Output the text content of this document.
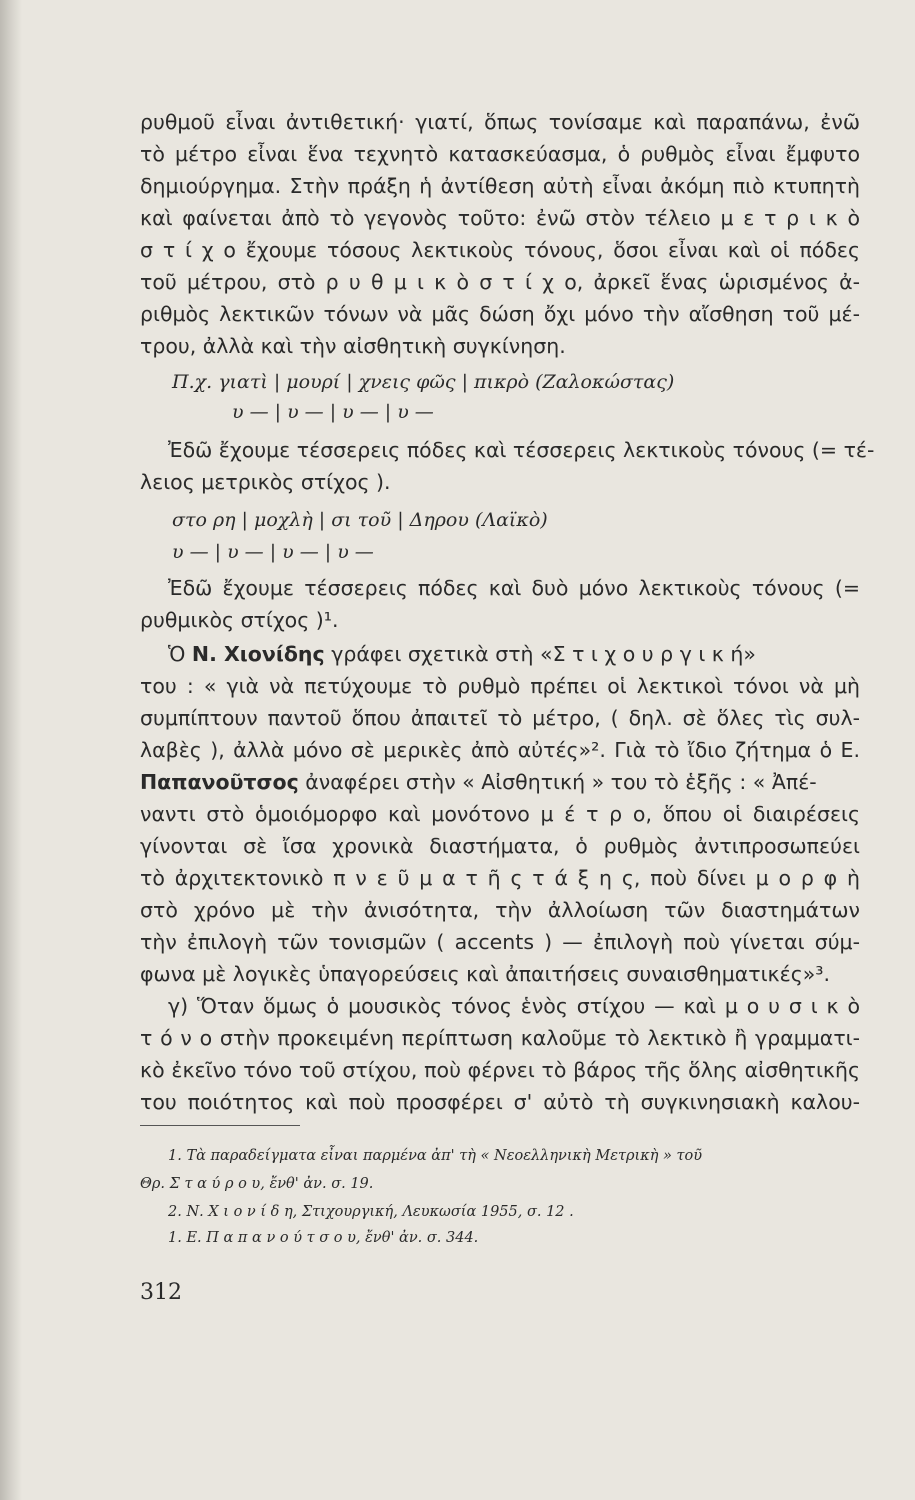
ρυθμοῦ εἶναι ἀντιθετική· γιατί, ὅπως τονίσαμε καὶ παραπάνω, ἐνῶ
τὸ μέτρο εἶναι ἕνα τεχνητὸ κατασκεύασμα, ὁ ρυθμὸς εἶναι ἔμφυτο
δημιούργημα. Στὴν πράξη ἡ ἀντίθεση αὐτὴ εἶναι ἀκόμη πιὸ κτυπητὴ
καὶ φαίνεται ἀπὸ τὸ γεγονὸς τοῦτο: ἐνῶ στὸν τέλειο μ ε τ ρ ι κ ὸ
σ τ ί χ ο ἔχουμε τόσους λεκτικοὺς τόνους, ὅσοι εἶναι καὶ οἱ πόδες
τοῦ μέτρου, στὸ ρ υ θ μ ι κ ὸ σ τ ί χ ο, ἀρκεῖ ἕνας ὡρισμένος ἀ-
ριθμὸς λεκτικῶν τόνων νὰ μᾶς δώση ὄχι μόνο τὴν αἴσθηση τοῦ μέ-
τρου, ἀλλὰ καὶ τὴν αἰσθητικὴ συγκίνηση.
Π.χ. γιατὶ | μουρί | χνεις φῶς | πικρὸ (Ζαλοκώστας)
υ — | υ — | υ — | υ —
Ἐδῶ ἔχουμε τέσσερεις πόδες καὶ τέσσερεις λεκτικοὺς τόνους (= τέ-
λειος μετρικὸς στίχος ).
στο ρη | μοχλὴ | σι τοῦ | Δηρου (Λαϊκὸ)
υ — | υ — | υ — | υ —
Ἐδῶ ἔχουμε τέσσερεις πόδες καὶ δυὸ μόνο λεκτικοὺς τόνους (=
ρυθμικὸς στίχος )¹.
Ὁ Ν. Χιονίδης γράφει σχετικὰ στὴ «Σ τ ι χ ο υ ρ γ ι κ ή»
του : « γιὰ νὰ πετύχουμε τὸ ρυθμὸ πρέπει οἱ λεκτικοὶ τόνοι νὰ μὴ
συμπίπτουν παντοῦ ὅπου ἀπαιτεῖ τὸ μέτρο, ( δηλ. σὲ ὅλες τὶς συλ-
λαβὲς ), ἀλλὰ μόνο σὲ μερικὲς ἀπὸ αὐτές»². Γιὰ τὸ ἴδιο ζήτημα ὁ Ε.
Παπανοῦτσος ἀναφέρει στὴν « Αἰσθητική » του τὸ ἑξῆς : « Ἀπέ-
ναντι στὸ ὁμοιόμορφο καὶ μονότονο μ έ τ ρ ο, ὅπου οἱ διαιρέσεις
γίνονται σὲ ἴσα χρονικὰ διαστήματα, ὁ ρυθμὸς ἀντιπροσωπεύει
τὸ ἀρχιτεκτονικὸ π ν ε ῦ μ α τ ῆ ς τ ά ξ η ς, ποὺ δίνει μ ο ρ φ ὴ
στὸ χρόνο μὲ τὴν ἀνισότητα, τὴν ἀλλοίωση τῶν διαστημάτων
τὴν ἐπιλογὴ τῶν τονισμῶν ( accents ) — ἐπιλογὴ ποὺ γίνεται σύμ-
φωνα μὲ λογικὲς ὑπαγορεύσεις καὶ ἀπαιτήσεις συναισθηματικές»³.
γ) Ὅταν ὅμως ὁ μουσικὸς τόνος ἑνὸς στίχου — καὶ μ ο υ σ ι κ ὸ
τ ό ν ο στὴν προκειμένη περίπτωση καλοῦμε τὸ λεκτικὸ ἢ γραμματι-
κὸ ἐκεῖνο τόνο τοῦ στίχου, ποὺ φέρνει τὸ βάρος τῆς ὅλης αἰσθητικῆς
του ποιότητος καὶ ποὺ προσφέρει σ' αὐτὸ τὴ συγκινησιακὴ καλου-
1. Τὰ παραδείγματα εἶναι παρμένα ἀπ' τὴ « Νεοελληνικὴ Μετρικὴ » τοῦ
Θρ. Σ τ α ύ ρ ο υ, ἔνθ' ἀν. σ. 19.
2. Ν. Χ ι ο ν ί δ η, Στιχουργική, Λευκωσία 1955, σ. 12 .
1. Ε. Π α π α ν ο ύ τ σ ο υ, ἔνθ' ἀν. σ. 344.
312
